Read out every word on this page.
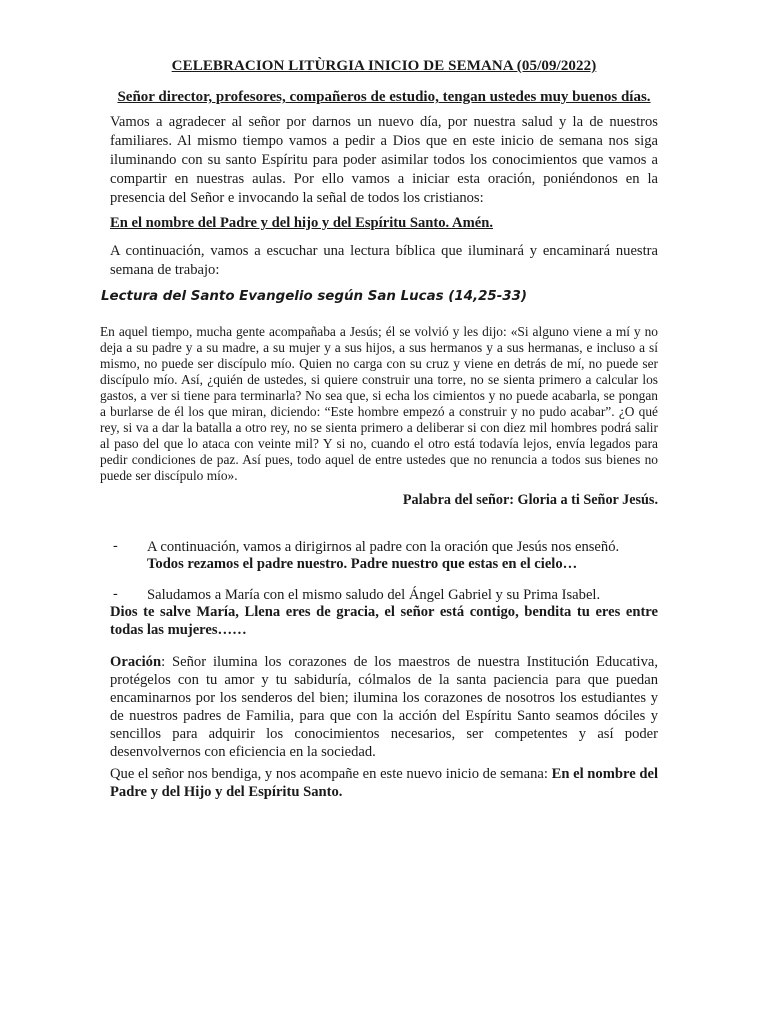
CELEBRACION LITÙRGIA INICIO DE SEMANA (05/09/2022)
Señor director, profesores, compañeros de estudio, tengan ustedes muy buenos días.
Vamos a agradecer al señor por darnos un nuevo día, por nuestra salud y la de nuestros familiares. Al mismo tiempo vamos a pedir a Dios que en este inicio de semana nos siga iluminando con su santo Espíritu para poder asimilar todos los conocimientos que vamos a compartir en nuestras aulas. Por ello vamos a iniciar esta oración, poniéndonos en la presencia del Señor e invocando la señal de todos los cristianos:
En el nombre del Padre y del hijo y del Espíritu Santo. Amén.
A continuación, vamos a escuchar una lectura bíblica que iluminará y encaminará nuestra semana de trabajo:
Lectura del Santo Evangelio según San Lucas (14,25-33)
En aquel tiempo, mucha gente acompañaba a Jesús; él se volvió y les dijo: «Si alguno viene a mí y no deja a su padre y a su madre, a su mujer y a sus hijos, a sus hermanos y a sus hermanas, e incluso a sí mismo, no puede ser discípulo mío. Quien no carga con su cruz y viene en detrás de mí, no puede ser discípulo mío. Así, ¿quién de ustedes, si quiere construir una torre, no se sienta primero a calcular los gastos, a ver si tiene para terminarla? No sea que, si echa los cimientos y no puede acabarla, se pongan a burlarse de él los que miran, diciendo: “Este hombre empezó a construir y no pudo acabar”. ¿O qué rey, si va a dar la batalla a otro rey, no se sienta primero a deliberar si con diez mil hombres podrá salir al paso del que lo ataca con veinte mil? Y si no, cuando el otro está todavía lejos, envía legados para pedir condiciones de paz. Así pues, todo aquel de entre ustedes que no renuncia a todos sus bienes no puede ser discípulo mío».
Palabra del señor: Gloria a ti Señor Jesús.
- A continuación, vamos a dirigirnos al padre con la oración que Jesús nos enseñó.
Todos rezamos el padre nuestro. Padre nuestro que estas en el cielo…
- Saludamos a María con el mismo saludo del Ángel Gabriel y su Prima Isabel.
Dios te salve María, Llena eres de gracia, el señor está contigo, bendita tu eres entre todas las mujeres……
Oración: Señor ilumina los corazones de los maestros de nuestra Institución Educativa, protégelos con tu amor y tu sabiduría, cólmalos de la santa paciencia para que puedan encaminarnos por los senderos del bien; ilumina los corazones de nosotros los estudiantes y de nuestros padres de Familia, para que con la acción del Espíritu Santo seamos dóciles y sencillos para adquirir los conocimientos necesarios, ser competentes y así poder desenvolvernos con eficiencia en la sociedad.
Que el señor nos bendiga, y nos acompañe en este nuevo inicio de semana: En el nombre del Padre y del Hijo y del Espíritu Santo.
